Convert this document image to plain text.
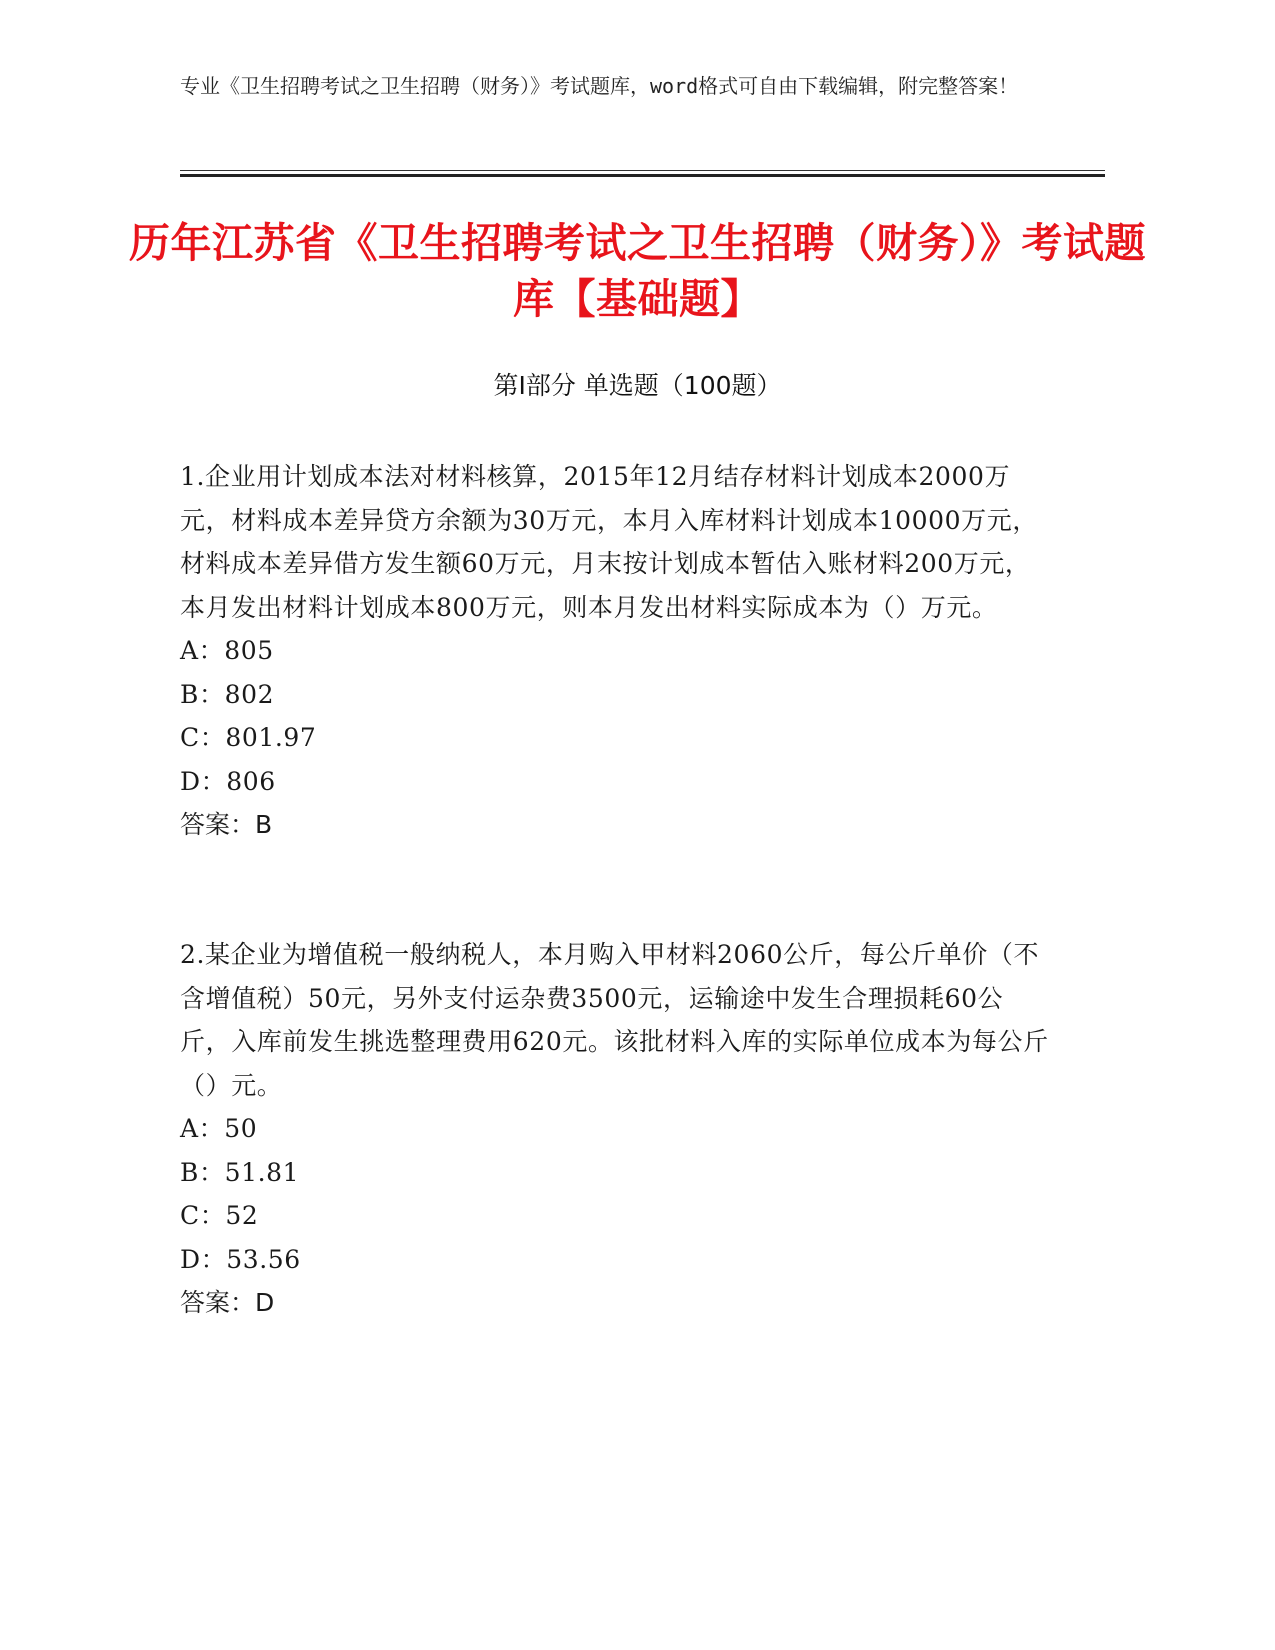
专业《卫生招聘考试之卫生招聘（财务）》考试题库，word格式可自由下载编辑，附完整答案！
历年江苏省《卫生招聘考试之卫生招聘（财务）》考试题库【基础题】
第I部分 单选题（100题）
1.企业用计划成本法对材料核算，2015年12月结存材料计划成本2000万元，材料成本差异贷方余额为30万元，本月入库材料计划成本10000万元，材料成本差异借方发生额60万元，月末按计划成本暂估入账材料200万元，本月发出材料计划成本800万元，则本月发出材料实际成本为（）万元。
A：805
B：802
C：801.97
D：806
答案：B
2.某企业为增值税一般纳税人，本月购入甲材料2060公斤，每公斤单价（不含增值税）50元，另外支付运杂费3500元，运输途中发生合理损耗60公斤，入库前发生挑选整理费用620元。该批材料入库的实际单位成本为每公斤（）元。
A：50
B：51.81
C：52
D：53.56
答案：D
